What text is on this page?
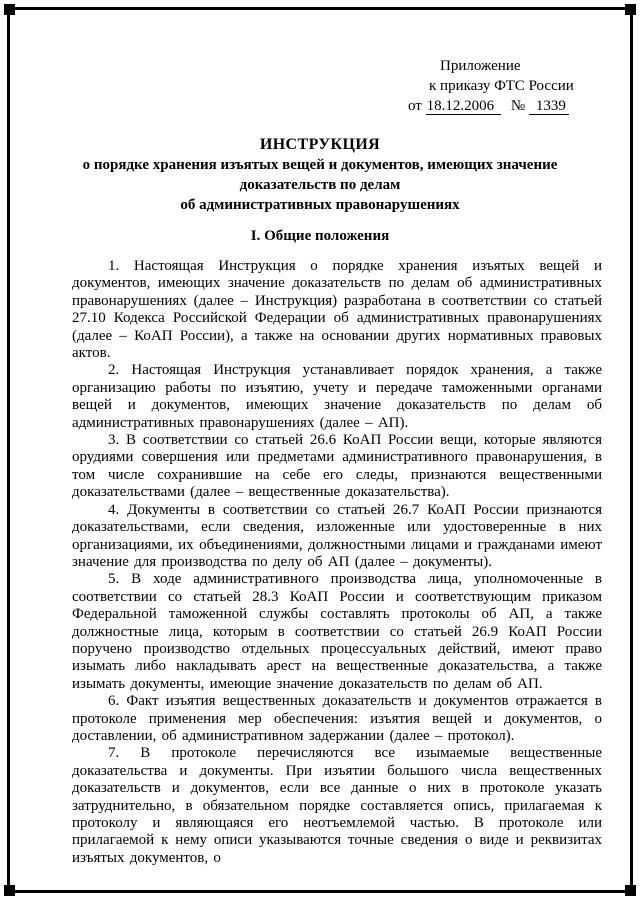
Приложение
к приказу ФТС России
от 18.12.2006 № 1339
ИНСТРУКЦИЯ
о порядке хранения изъятых вещей и документов, имеющих значение
доказательств по делам
об административных правонарушениях
I. Общие положения

1. Настоящая Инструкция о порядке хранения изъятых вещей и документов, имеющих значение доказательств по делам об административных правонарушениях (далее – Инструкция) разработана в соответствии со статьей 27.10 Кодекса Российской Федерации об административных правонарушениях (далее – КоАП России), а также на основании других нормативных правовых актов.

2. Настоящая Инструкция устанавливает порядок хранения, а также организацию работы по изъятию, учету и передаче таможенными органами вещей и документов, имеющих значение доказательств по делам об административных правонарушениях (далее – АП).

3. В соответствии со статьей 26.6 КоАП России вещи, которые являются орудиями совершения или предметами административного правонарушения, в том числе сохранившие на себе его следы, признаются вещественными доказательствами (далее – вещественные доказательства).

4. Документы в соответствии со статьей 26.7 КоАП России признаются доказательствами, если сведения, изложенные или удостоверенные в них организациями, их объединениями, должностными лицами и гражданами имеют значение для производства по делу об АП (далее – документы).

5. В ходе административного производства лица, уполномоченные в соответствии со статьей 28.3 КоАП России и соответствующим приказом Федеральной таможенной службы составлять протоколы об АП, а также должностные лица, которым в соответствии со статьей 26.9 КоАП России поручено производство отдельных процессуальных действий, имеют право изымать либо накладывать арест на вещественные доказательства, а также изымать документы, имеющие значение доказательств по делам об АП.

6. Факт изъятия вещественных доказательств и документов отражается в протоколе применения мер обеспечения: изъятия вещей и документов, о доставлении, об административном задержании (далее – протокол).

7. В протоколе перечисляются все изымаемые вещественные доказательства и документы. При изъятии большого числа вещественных доказательств и документов, если все данные о них в протоколе указать затруднительно, в обязательном порядке составляется опись, прилагаемая к протоколу и являющаяся его неотъемлемой частью. В протоколе или прилагаемой к нему описи указываются точные сведения о виде и реквизитах изъятых документов, о
